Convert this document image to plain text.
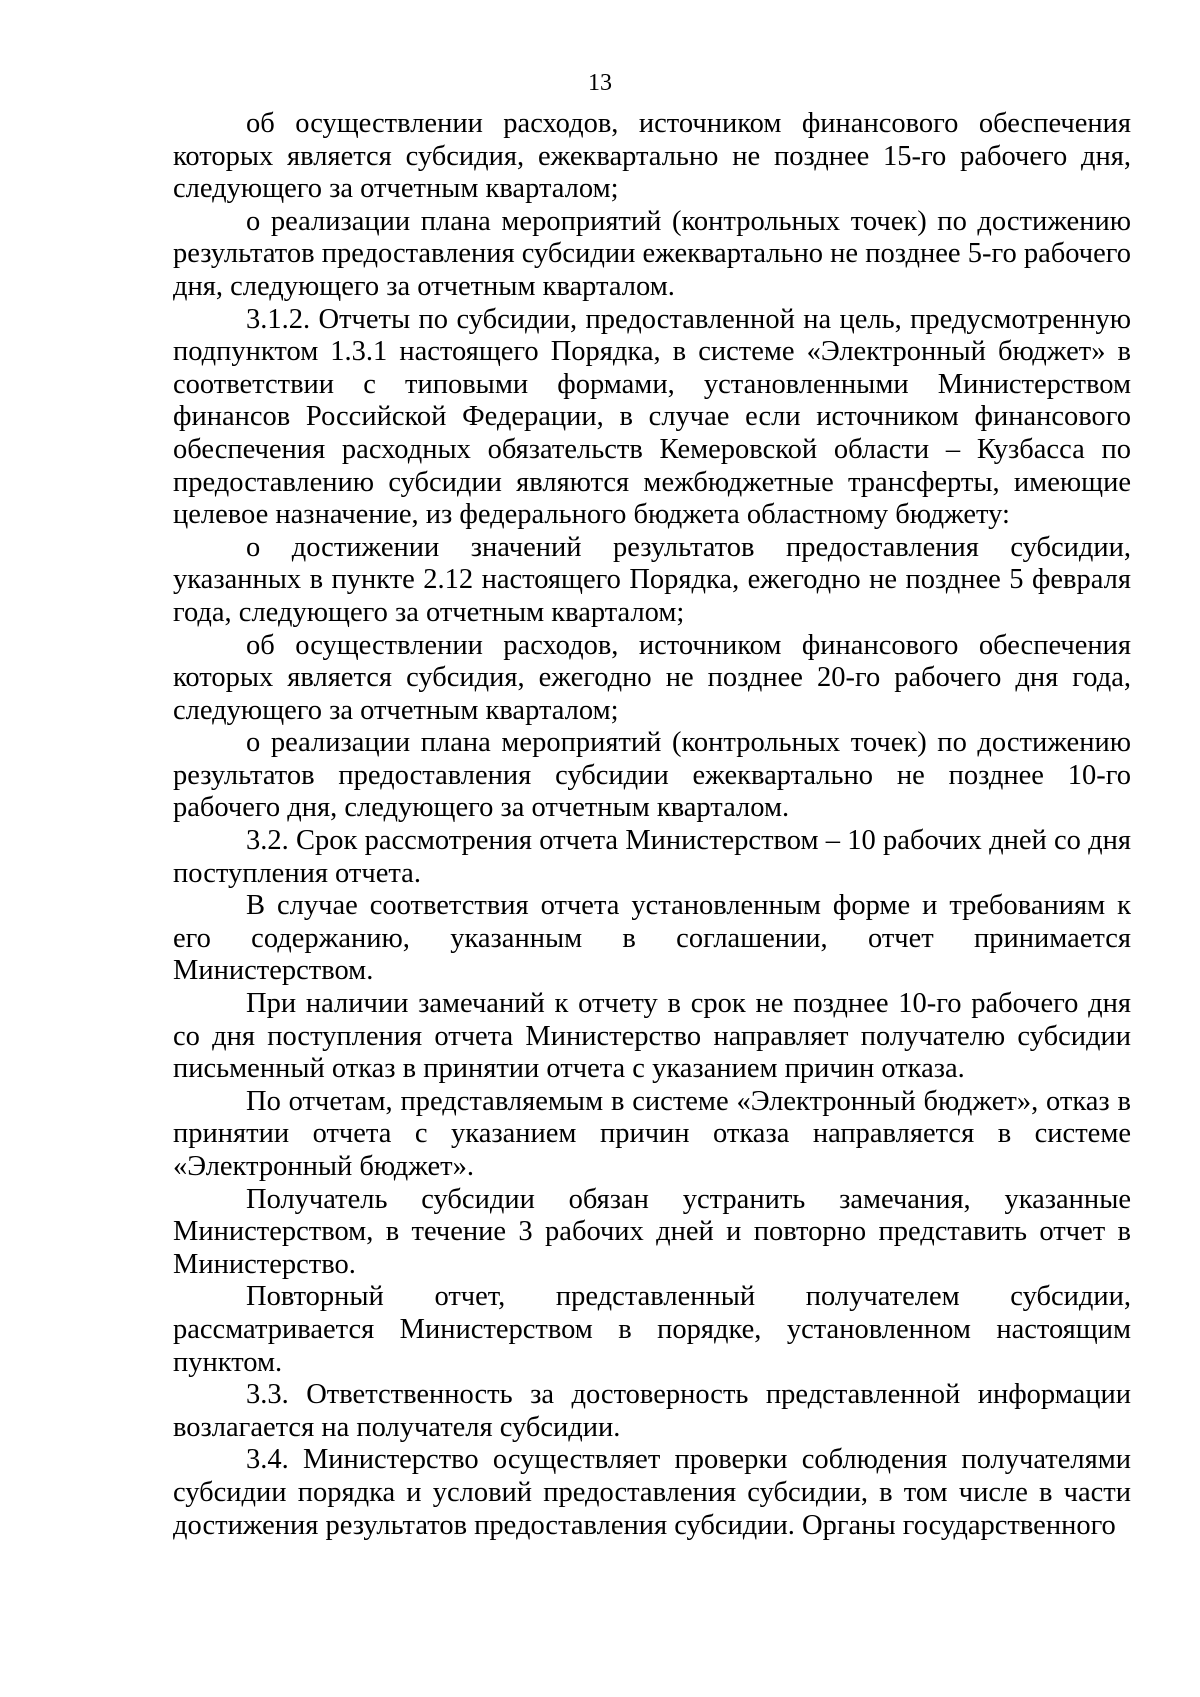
13

об осуществлении расходов, источником финансового обеспечения которых является субсидия, ежеквартально не позднее 15-го рабочего дня, следующего за отчетным кварталом;

о реализации плана мероприятий (контрольных точек) по достижению результатов предоставления субсидии ежеквартально не позднее 5-го рабочего дня, следующего за отчетным кварталом.

3.1.2. Отчеты по субсидии, предоставленной на цель, предусмотренную подпунктом 1.3.1 настоящего Порядка, в системе «Электронный бюджет» в соответствии с типовыми формами, установленными Министерством финансов Российской Федерации, в случае если источником финансового обеспечения расходных обязательств Кемеровской области – Кузбасса по предоставлению субсидии являются межбюджетные трансферты, имеющие целевое назначение, из федерального бюджета областному бюджету:

о достижении значений результатов предоставления субсидии, указанных в пункте 2.12 настоящего Порядка, ежегодно не позднее 5 февраля года, следующего за отчетным кварталом;

об осуществлении расходов, источником финансового обеспечения которых является субсидия, ежегодно не позднее 20-го рабочего дня года, следующего за отчетным кварталом;

о реализации плана мероприятий (контрольных точек) по достижению результатов предоставления субсидии ежеквартально не позднее 10-го рабочего дня, следующего за отчетным кварталом.

3.2. Срок рассмотрения отчета Министерством – 10 рабочих дней со дня поступления отчета.

В случае соответствия отчета установленным форме и требованиям к его содержанию, указанным в соглашении, отчет принимается Министерством.

При наличии замечаний к отчету в срок не позднее 10-го рабочего дня со дня поступления отчета Министерство направляет получателю субсидии письменный отказ в принятии отчета с указанием причин отказа.

По отчетам, представляемым в системе «Электронный бюджет», отказ в принятии отчета с указанием причин отказа направляется в системе «Электронный бюджет».

Получатель субсидии обязан устранить замечания, указанные Министерством, в течение 3 рабочих дней и повторно представить отчет в Министерство.

Повторный отчет, представленный получателем субсидии, рассматривается Министерством в порядке, установленном настоящим пунктом.

3.3. Ответственность за достоверность представленной информации возлагается на получателя субсидии.

3.4. Министерство осуществляет проверки соблюдения получателями субсидии порядка и условий предоставления субсидии, в том числе в части достижения результатов предоставления субсидии. Органы государственного
